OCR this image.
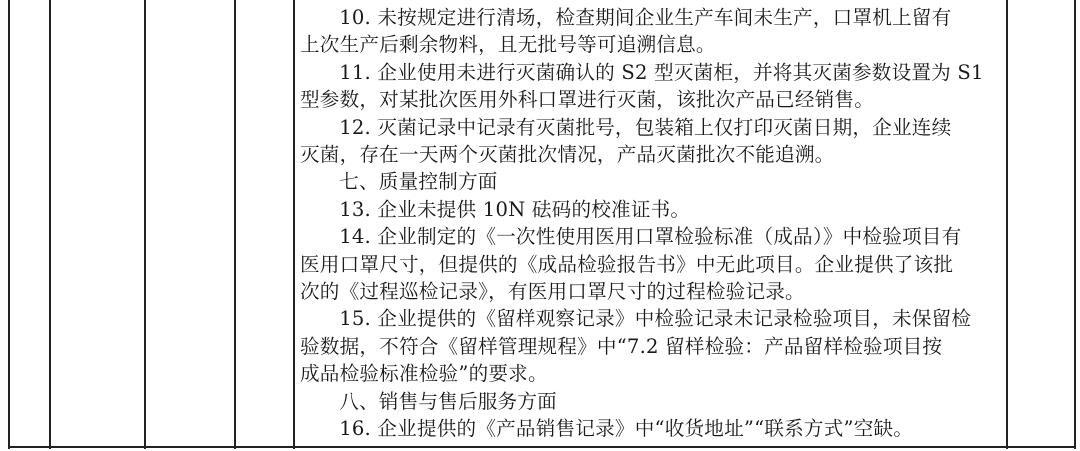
10. 未按规定进行清场，检查期间企业生产车间未生产，口罩机上留有

上次生产后剩余物料，且无批号等可追溯信息。

11. 企业使用未进行灭菌确认的 S2 型灭菌柜，并将其灭菌参数设置为 S1

型参数，对某批次医用外科口罩进行灭菌，该批次产品已经销售。

12. 灭菌记录中记录有灭菌批号，包装箱上仅打印灭菌日期，企业连续

灭菌，存在一天两个灭菌批次情况，产品灭菌批次不能追溯。

七、质量控制方面

13. 企业未提供 10N 砝码的校准证书。

14. 企业制定的《一次性使用医用口罩检验标准（成品）》中检验项目有

医用口罩尺寸，但提供的《成品检验报告书》中无此项目。企业提供了该批

次的《过程巡检记录》，有医用口罩尺寸的过程检验记录。

15. 企业提供的《留样观察记录》中检验记录未记录检验项目，未保留检

验数据，不符合《留样管理规程》中“7.2 留样检验：产品留样检验项目按

成品检验标准检验”的要求。

八、销售与售后服务方面

16. 企业提供的《产品销售记录》中“收货地址”“联系方式”空缺。
